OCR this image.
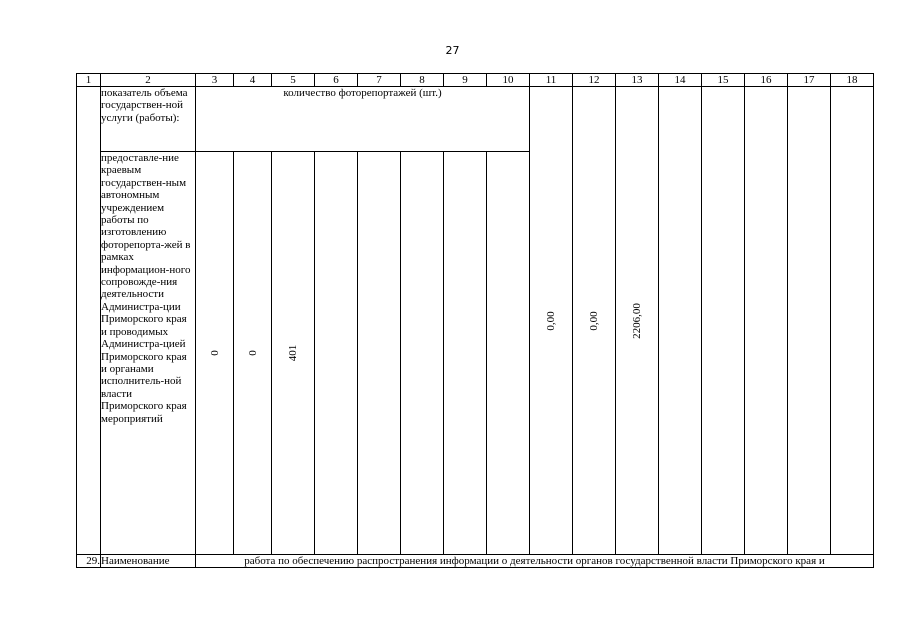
27
1	2	3	4	5	6	7	8	9	10	11	12	13	14	15	16	17	18
	показатель объема государствен-ной услуги (работы):	количество фоторепортажей (шт.)								0,00	0,00	2206,00					

	предоставле-ние краевым государствен-ным автономным учреждением работы по изготовлению фоторепорта-жей в рамках информацион-ного сопровожде-ния деятельности Администра-ции Приморского края и проводимых Администра-цией Приморского края и органами исполнитель-ной власти Приморского края мероприятий	0	0	401													

29.	Наименование	работа по обеспечению распространения информации о деятельности органов государственной власти Приморского края и															
